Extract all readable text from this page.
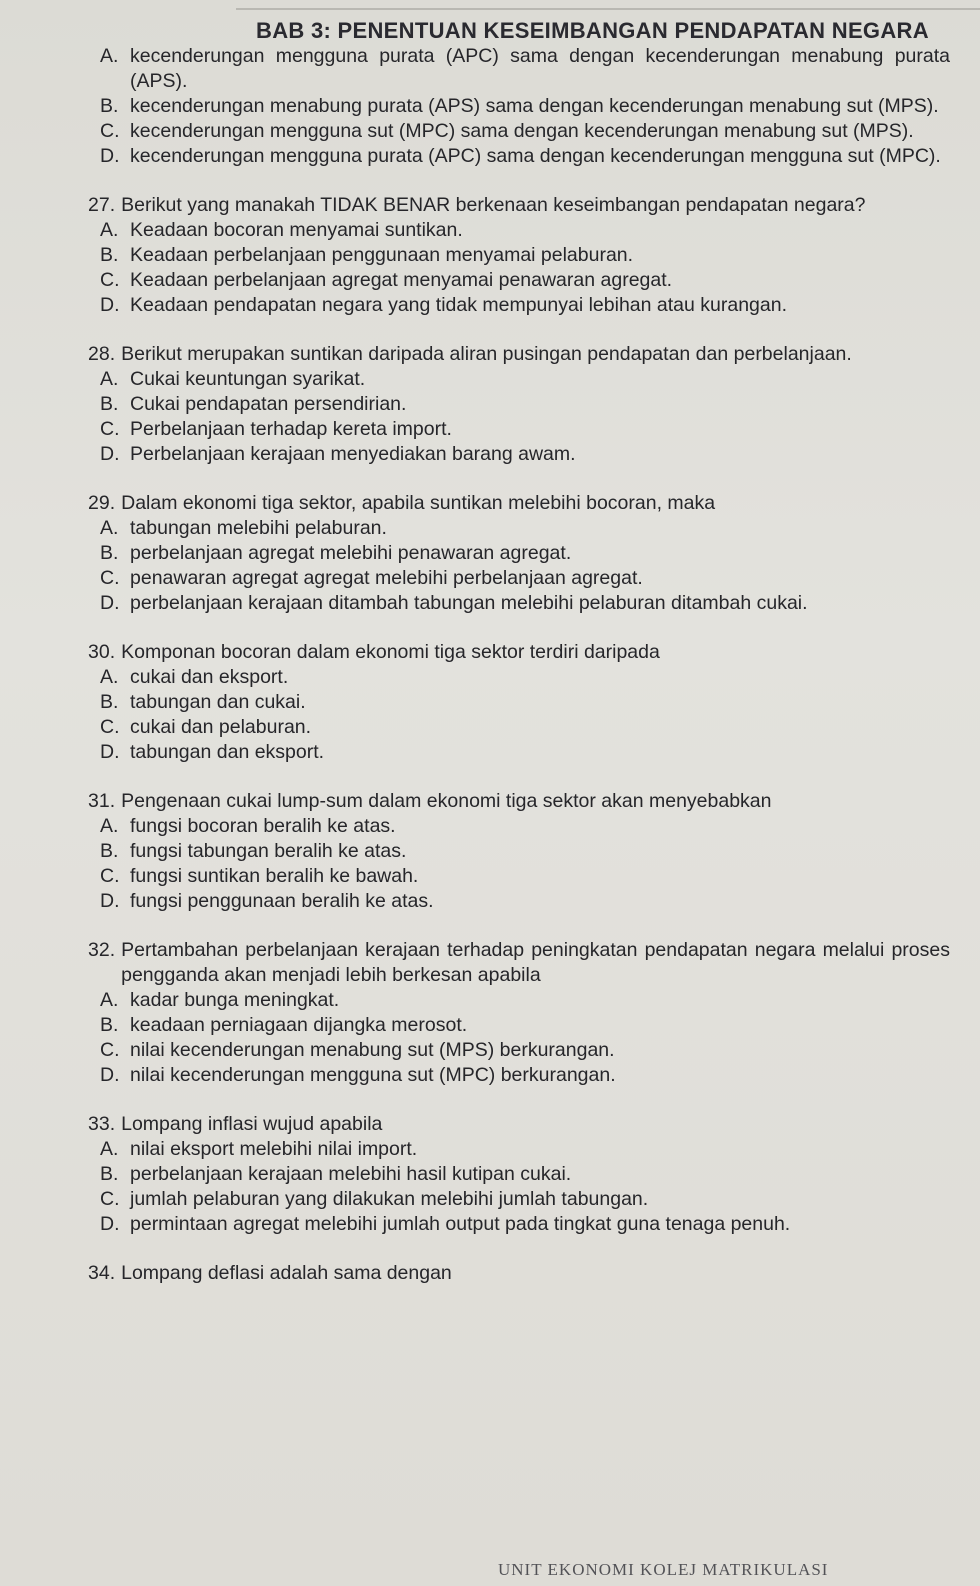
BAB 3: PENENTUAN KESEIMBANGAN PENDAPATAN NEGARA
A. kecenderungan mengguna purata (APC) sama dengan kecenderungan menabung purata (APS).
B. kecenderungan menabung purata (APS) sama dengan kecenderungan menabung sut (MPS).
C. kecenderungan mengguna sut (MPC) sama dengan kecenderungan menabung sut (MPS).
D. kecenderungan mengguna purata (APC) sama dengan kecenderungan mengguna sut (MPC).
27. Berikut yang manakah TIDAK BENAR berkenaan keseimbangan pendapatan negara?
A. Keadaan bocoran menyamai suntikan.
B. Keadaan perbelanjaan penggunaan menyamai pelaburan.
C. Keadaan perbelanjaan agregat menyamai penawaran agregat.
D. Keadaan pendapatan negara yang tidak mempunyai lebihan atau kurangan.
28. Berikut merupakan suntikan daripada aliran pusingan pendapatan dan perbelanjaan.
A. Cukai keuntungan syarikat.
B. Cukai pendapatan persendirian.
C. Perbelanjaan terhadap kereta import.
D. Perbelanjaan kerajaan menyediakan barang awam.
29. Dalam ekonomi tiga sektor, apabila suntikan melebihi bocoran, maka
A. tabungan melebihi pelaburan.
B. perbelanjaan agregat melebihi penawaran agregat.
C. penawaran agregat agregat melebihi perbelanjaan agregat.
D. perbelanjaan kerajaan ditambah tabungan melebihi pelaburan ditambah cukai.
30. Komponan bocoran dalam ekonomi tiga sektor terdiri daripada
A. cukai dan eksport.
B. tabungan dan cukai.
C. cukai dan pelaburan.
D. tabungan dan eksport.
31. Pengenaan cukai lump-sum dalam ekonomi tiga sektor akan menyebabkan
A. fungsi bocoran beralih ke atas.
B. fungsi tabungan beralih ke atas.
C. fungsi suntikan beralih ke bawah.
D. fungsi penggunaan beralih ke atas.
32. Pertambahan perbelanjaan kerajaan terhadap peningkatan pendapatan negara melalui proses pengganda akan menjadi lebih berkesan apabila
A. kadar bunga meningkat.
B. keadaan perniagaan dijangka merosot.
C. nilai kecenderungan menabung sut (MPS) berkurangan.
D. nilai kecenderungan mengguna sut (MPC) berkurangan.
33. Lompang inflasi wujud apabila
A. nilai eksport melebihi nilai import.
B. perbelanjaan kerajaan melebihi hasil kutipan cukai.
C. jumlah pelaburan yang dilakukan melebihi jumlah tabungan.
D. permintaan agregat melebihi jumlah output pada tingkat guna tenaga penuh.
34. Lompang deflasi adalah sama dengan
UNIT EKONOMI KOLEJ MATRIKULASI
